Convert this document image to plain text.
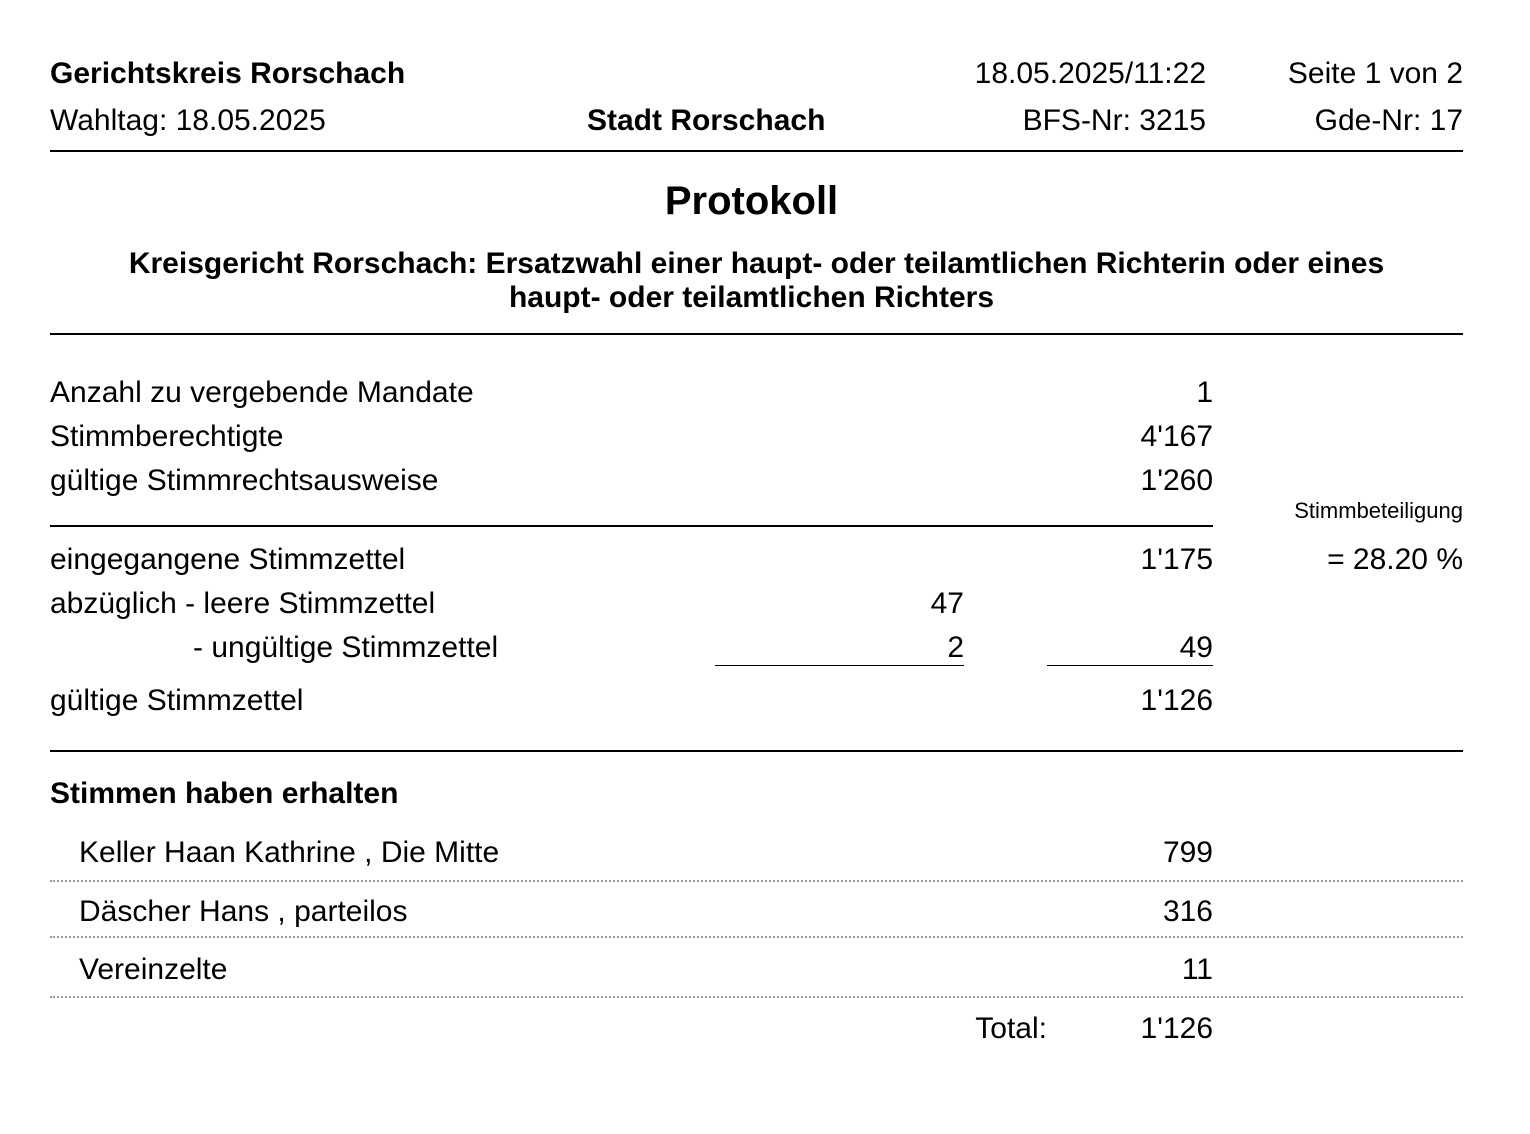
Gerichtskreis Rorschach	18.05.2025/11:22	Seite 1 von 2
Wahltag: 18.05.2025	Stadt Rorschach	BFS-Nr: 3215	Gde-Nr: 17
Protokoll
Kreisgericht Rorschach: Ersatzwahl einer haupt- oder teilamtlichen Richterin oder eines
haupt- oder teilamtlichen Richters
Anzahl zu vergebende Mandate	1
Stimmberechtigte	4'167
gültige Stimmrechtsausweise	1'260
Stimmbeteiligung
eingegangene Stimmzettel	1'175	= 28.20 %
abzüglich - leere Stimmzettel	47
- ungültige Stimmzettel	2	49
gültige Stimmzettel	1'126
Stimmen haben erhalten
Keller Haan Kathrine , Die Mitte	799
Däscher Hans , parteilos	316
Vereinzelte	11
Total:	1'126
